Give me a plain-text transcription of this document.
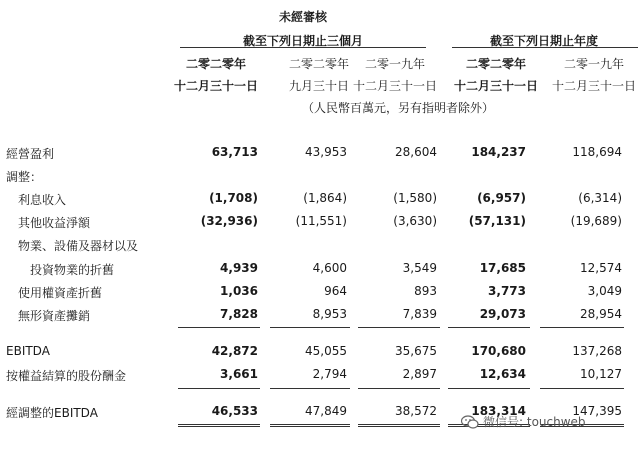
未經審核
截至下列日期止三個月	截至下列日期止年度
二零二零年	二零二零年 二零一九年	二零二零年	二零一九年
十二月三十一日	九月三十日 十二月三十一日 十二月三十一日 十二月三十一日
（人民幣百萬元，另有指明者除外）
經營盈利	63,713	43,953	28,604	184,237	118,694
調整：
利息收入	(1,708)	(1,864)	(1,580)	(6,957)	(6,314)
其他收益淨額	(32,936)	(11,551)	(3,630)	(57,131)	(19,689)
物業、設備及器材以及
投資物業的折舊	4,939	4,600	3,549	17,685	12,574
使用權資產折舊	1,036	964	893	3,773	3,049
無形資產攤銷	7,828	8,953	7,839	29,073	28,954
EBITDA	42,872	45,055	35,675	170,680	137,268
按權益結算的股份酬金	3,661	2,794	2,897	12,634	10,127
經調整的EBITDA	46,533	47,849	38,572	183,314	147,395
微信号: touchweb
